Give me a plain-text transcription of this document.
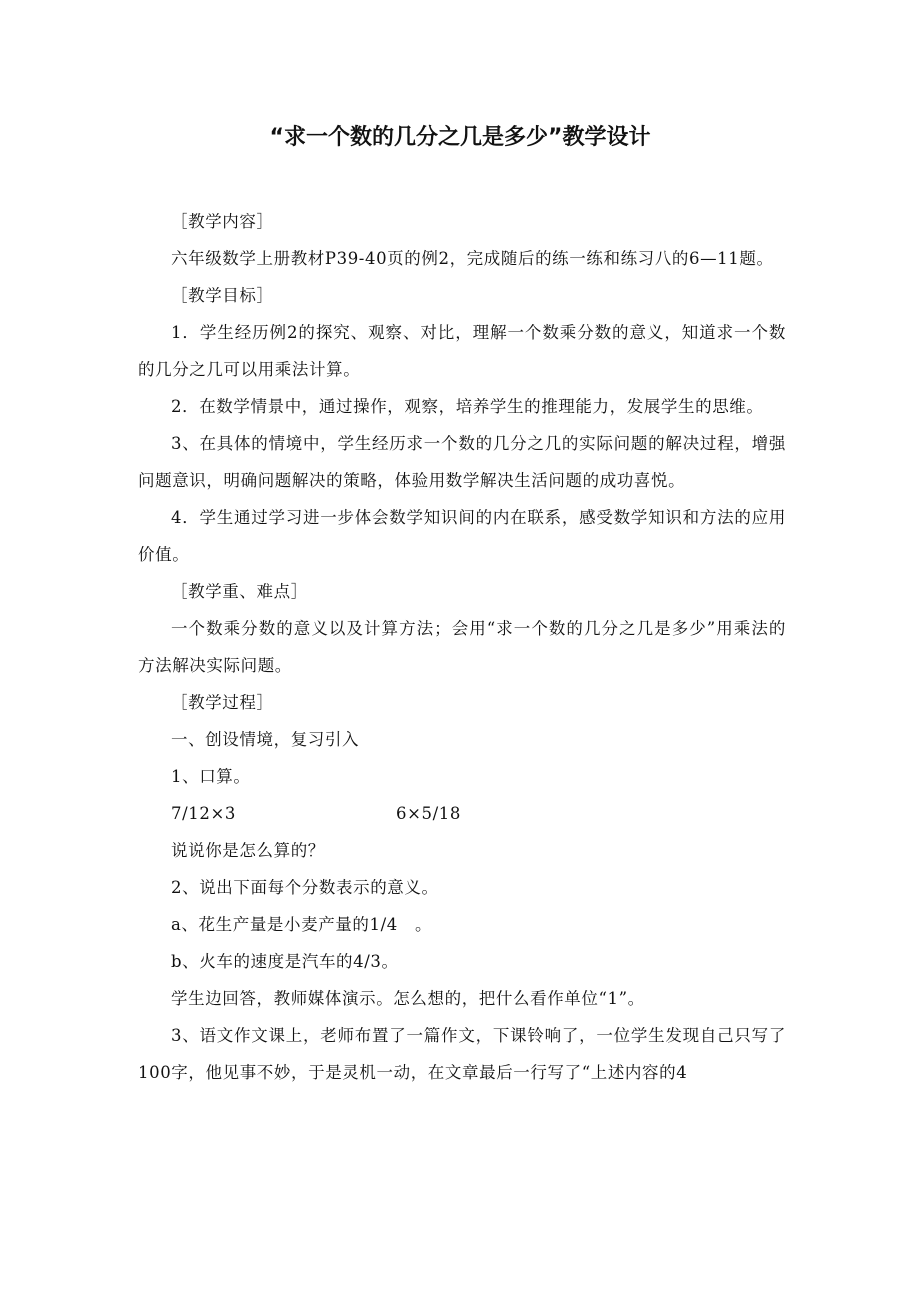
“求一个数的几分之几是多少”教学设计

［教学内容］

六年级数学上册教材P39-40页的例2，完成随后的练一练和练习八的6—11题。

［教学目标］

1．学生经历例2的探究、观察、对比，理解一个数乘分数的意义，知道求一个数的几分之几可以用乘法计算。

2．在数学情景中，通过操作，观察，培养学生的推理能力，发展学生的思维。

3、在具体的情境中，学生经历求一个数的几分之几的实际问题的解决过程，增强问题意识，明确问题解决的策略，体验用数学解决生活问题的成功喜悦。

4．学生通过学习进一步体会数学知识间的内在联系，感受数学知识和方法的应用价值。

［教学重、难点］

一个数乘分数的意义以及计算方法；会用“求一个数的几分之几是多少”用乘法的方法解决实际问题。

［教学过程］

一、创设情境，复习引入

1、口算。

7/12×3	6×5/18

说说你是怎么算的？

2、说出下面每个分数表示的意义。

a、花生产量是小麦产量的1/4　。

b、火车的速度是汽车的4/3。

学生边回答，教师媒体演示。怎么想的，把什么看作单位“1”。

3、语文作文课上，老师布置了一篇作文，下课铃响了，一位学生发现自己只写了100字，他见事不妙，于是灵机一动，在文章最后一行写了“上述内容的4
